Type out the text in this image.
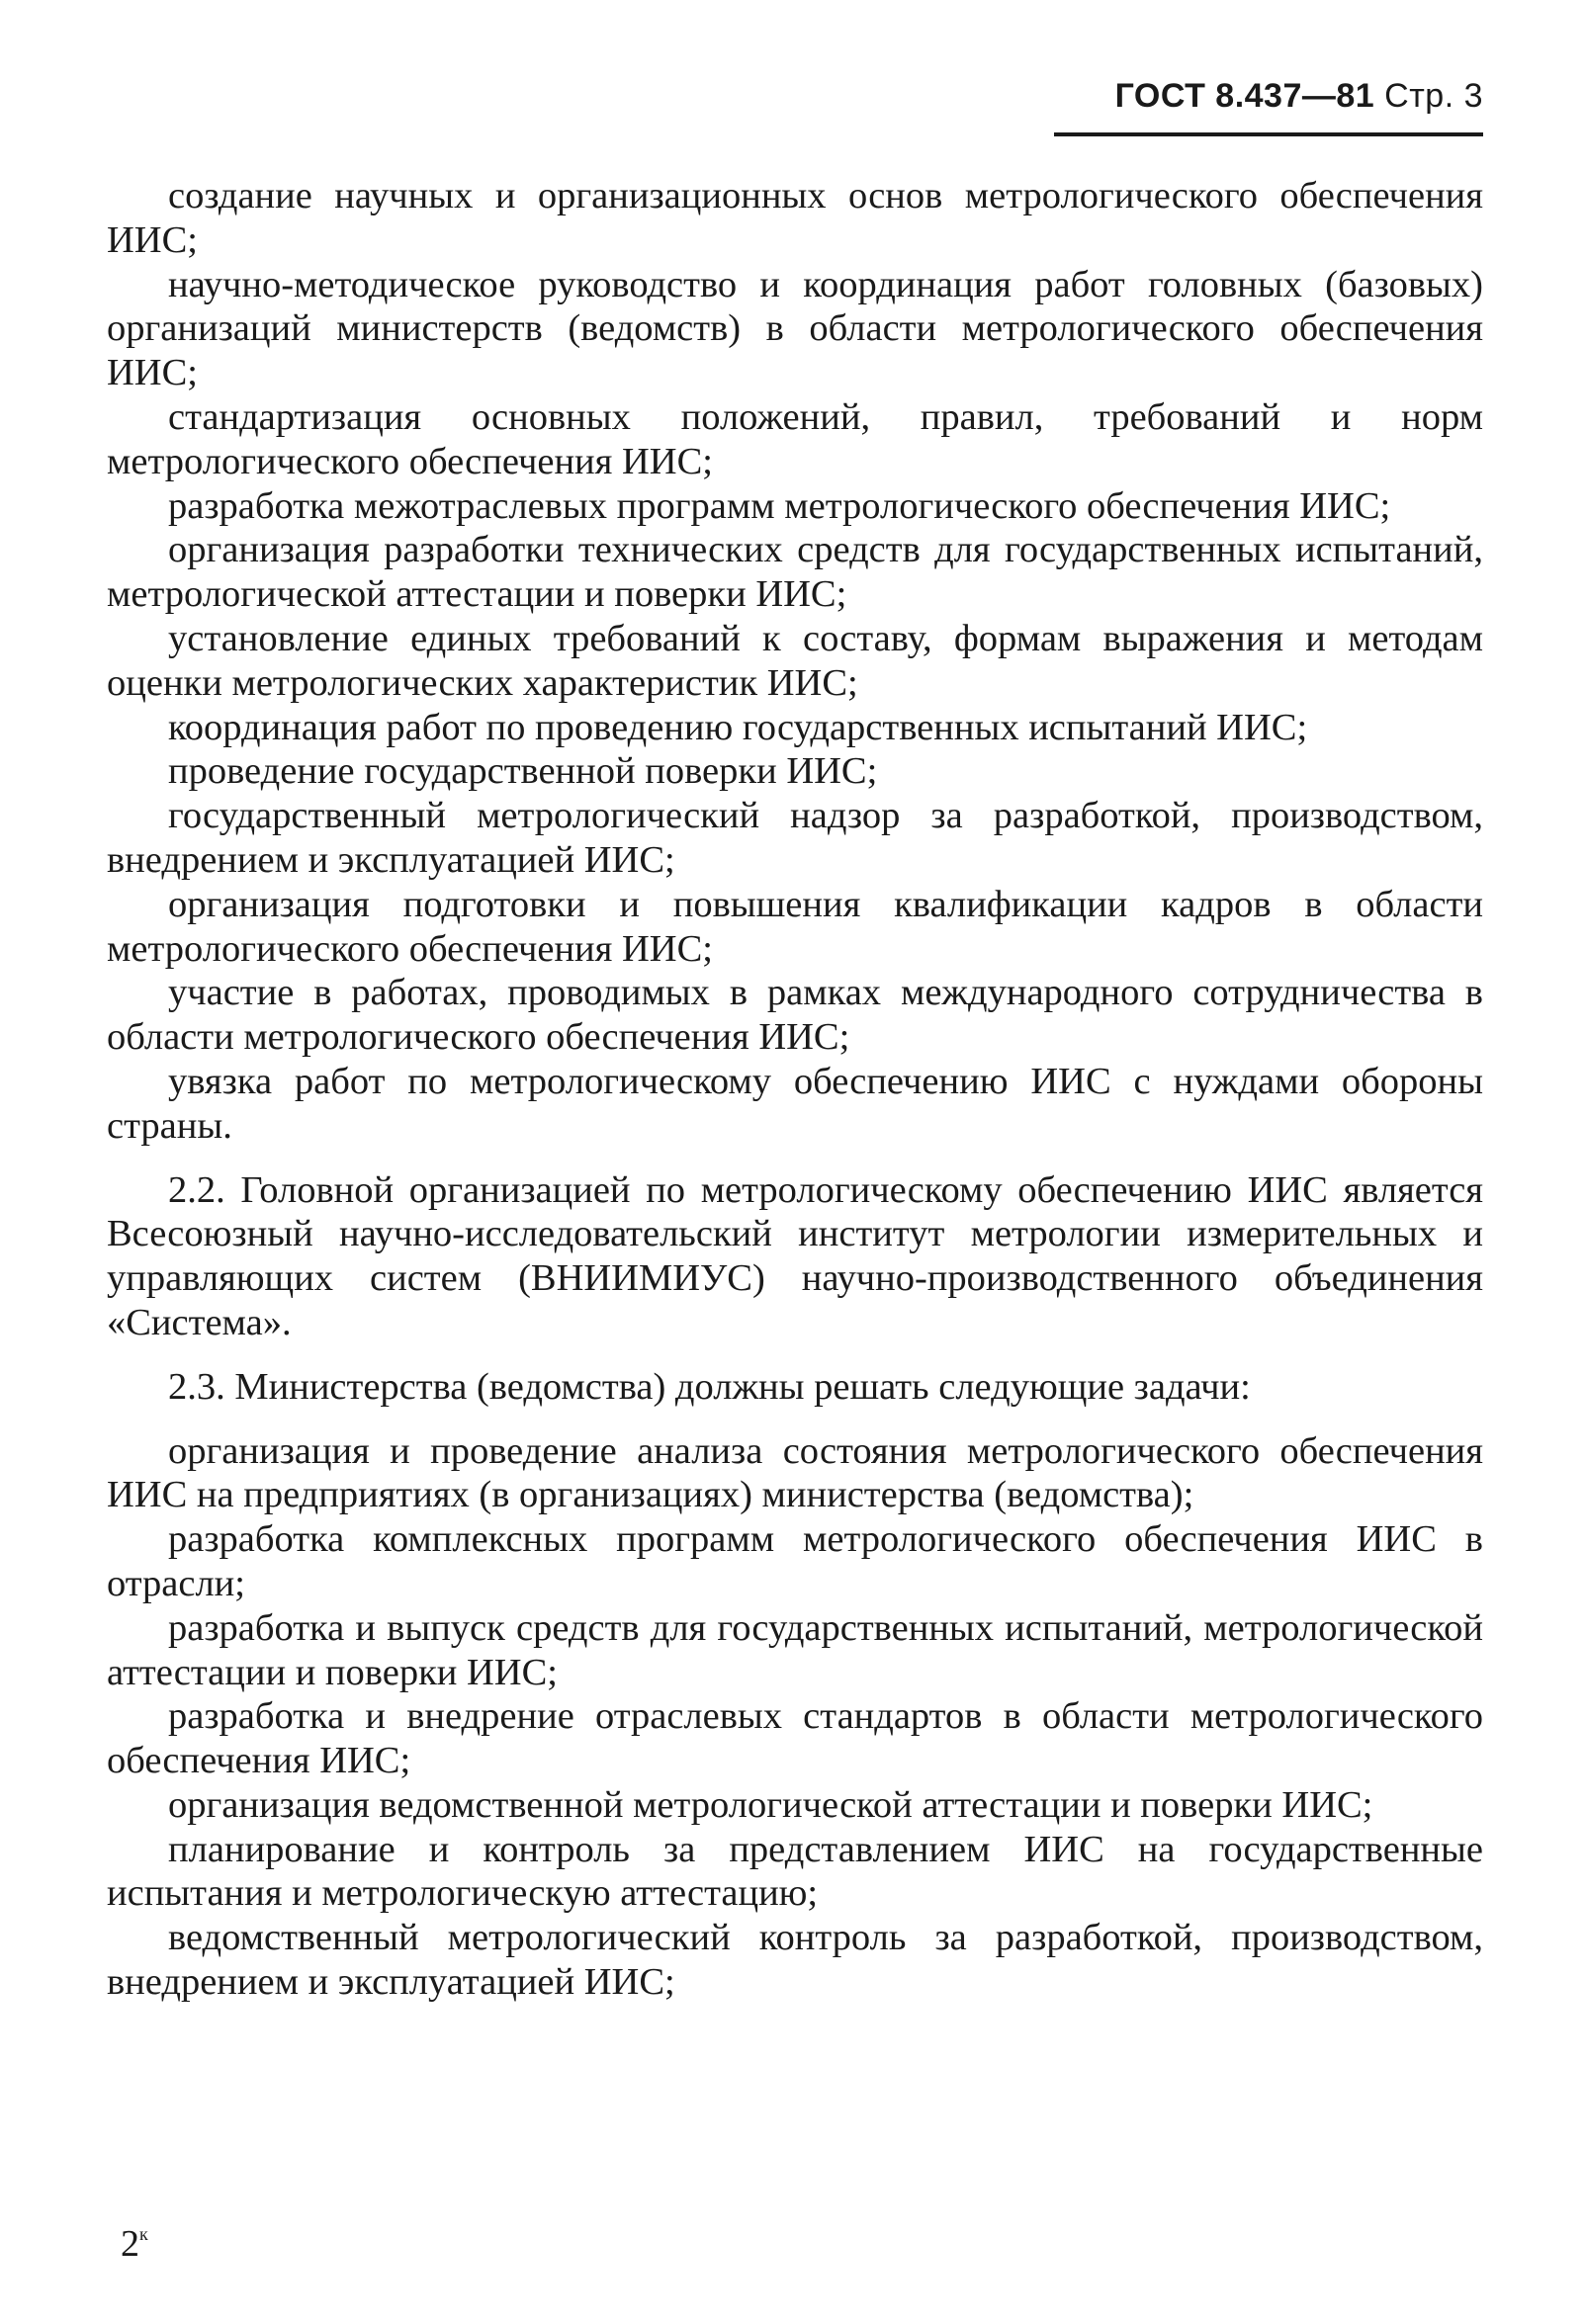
ГОСТ 8.437—81 Стр. 3

создание научных и организационных основ метрологического обеспечения ИИС;

научно-методическое руководство и координация работ головных (базовых) организаций министерств (ведомств) в области метрологического обеспечения ИИС;

стандартизация основных положений, правил, требований и норм метрологического обеспечения ИИС;

разработка межотраслевых программ метрологического обеспечения ИИС;

организация разработки технических средств для государственных испытаний, метрологической аттестации и поверки ИИС;

установление единых требований к составу, формам выражения и методам оценки метрологических характеристик ИИС;

координация работ по проведению государственных испытаний ИИС;

проведение государственной поверки ИИС;

государственный метрологический надзор за разработкой, производством, внедрением и эксплуатацией ИИС;

организация подготовки и повышения квалификации кадров в области метрологического обеспечения ИИС;

участие в работах, проводимых в рамках международного сотрудничества в области метрологического обеспечения ИИС;

увязка работ по метрологическому обеспечению ИИС с нуждами обороны страны.

2.2. Головной организацией по метрологическому обеспечению ИИС является Всесоюзный научно-исследовательский институт метрологии измерительных и управляющих систем (ВНИИМИУС) научно-производственного объединения «Система».

2.3. Министерства (ведомства) должны решать следующие задачи:

организация и проведение анализа состояния метрологического обеспечения ИИС на предприятиях (в организациях) министерства (ведомства);

разработка комплексных программ метрологического обеспечения ИИС в отрасли;

разработка и выпуск средств для государственных испытаний, метрологической аттестации и поверки ИИС;

разработка и внедрение отраслевых стандартов в области метрологического обеспечения ИИС;

организация ведомственной метрологической аттестации и поверки ИИС;

планирование и контроль за представлением ИИС на государственные испытания и метрологическую аттестацию;

ведомственный метрологический контроль за разработкой, производством, внедрением и эксплуатацией ИИС;

$2^к$
